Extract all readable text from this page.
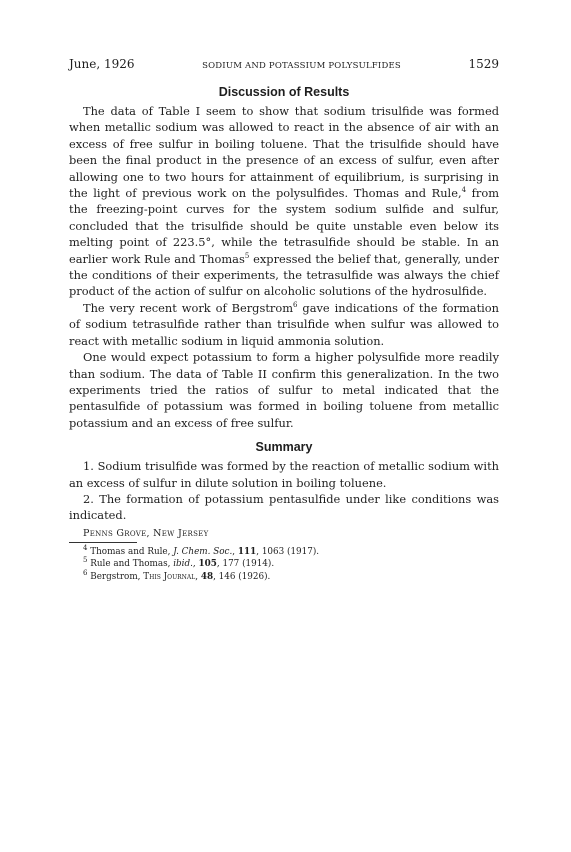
June, 1926	SODIUM AND POTASSIUM POLYSULFIDES	1529
Discussion of Results

The data of Table I seem to show that sodium trisulfide was formed when metallic sodium was allowed to react in the absence of air with an excess of free sulfur in boiling toluene. That the trisulfide should have been the final product in the presence of an excess of sulfur, even after allowing one to two hours for attainment of equilibrium, is surprising in the light of previous work on the polysulfides. Thomas and Rule,$^4$ from the freezing-point curves for the system sodium sulfide and sulfur, concluded that the trisulfide should be quite unstable even below its melting point of 223.5°, while the tetrasulfide should be stable. In an earlier work Rule and Thomas$^5$ expressed the belief that, generally, under the conditions of their experiments, the tetrasulfide was always the chief product of the action of sulfur on alcoholic solutions of the hydrosulfide.

The very recent work of Bergstrom$^6$ gave indications of the formation of sodium tetrasulfide rather than trisulfide when sulfur was allowed to react with metallic sodium in liquid ammonia solution.

One would expect potassium to form a higher polysulfide more readily than sodium. The data of Table II confirm this generalization. In the two experiments tried the ratios of sulfur to metal indicated that the pentasulfide of potassium was formed in boiling toluene from metallic potassium and an excess of free sulfur.

Summary

1. Sodium trisulfide was formed by the reaction of metallic sodium with an excess of sulfur in dilute solution in boiling toluene.

2. The formation of potassium pentasulfide under like conditions was indicated.

Penns Grove, New Jersey
$^4$ Thomas and Rule, J. Chem. Soc., 111, 1063 (1917).
$^5$ Rule and Thomas, ibid., 105, 177 (1914).
$^6$ Bergstrom, This Journal, 48, 146 (1926).
